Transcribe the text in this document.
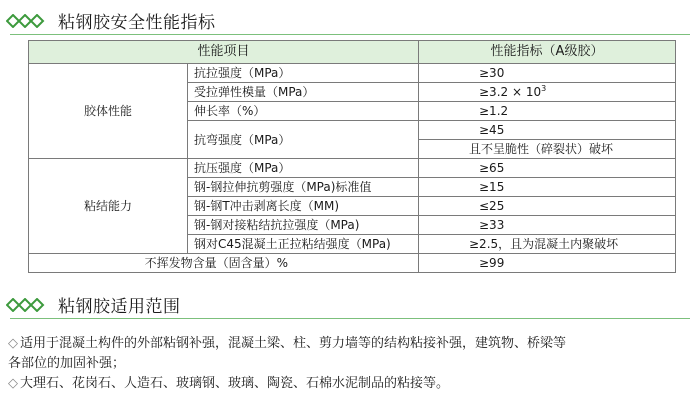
粘钢胶安全性能指标
性能项目		性能指标（A级胶）
胶体性能	抗拉强度（MPa）	≥30
	受拉弹性模量（MPa）	$\ge 3.2 \times 10^3$
	伸长率（%）	≥1.2
	抗弯强度（MPa）	≥45
		且不呈脆性（碎裂状）破坏
粘结能力	抗压强度（MPa）	≥65
	钢-钢拉伸抗剪强度（MPa)标准值	≥15
	钢-钢T冲击剥离长度（MM)	≤25
	钢-钢对接粘结抗拉强度（MPa)	≥33
	钢对C45混凝土正拉粘结强度（MPa)	≥2.5，且为混凝土内聚破坏
不挥发物含量（固含量）%		≥99
粘钢胶适用范围

◇ 适用于混凝土构件的外部粘钢补强，混凝土梁、柱、剪力墙等的结构粘接补强，建筑物、桥梁等

各部位的加固补强；

◇ 大理石、花岗石、人造石、玻璃钢、玻璃、陶瓷、石棉水泥制品的粘接等。
